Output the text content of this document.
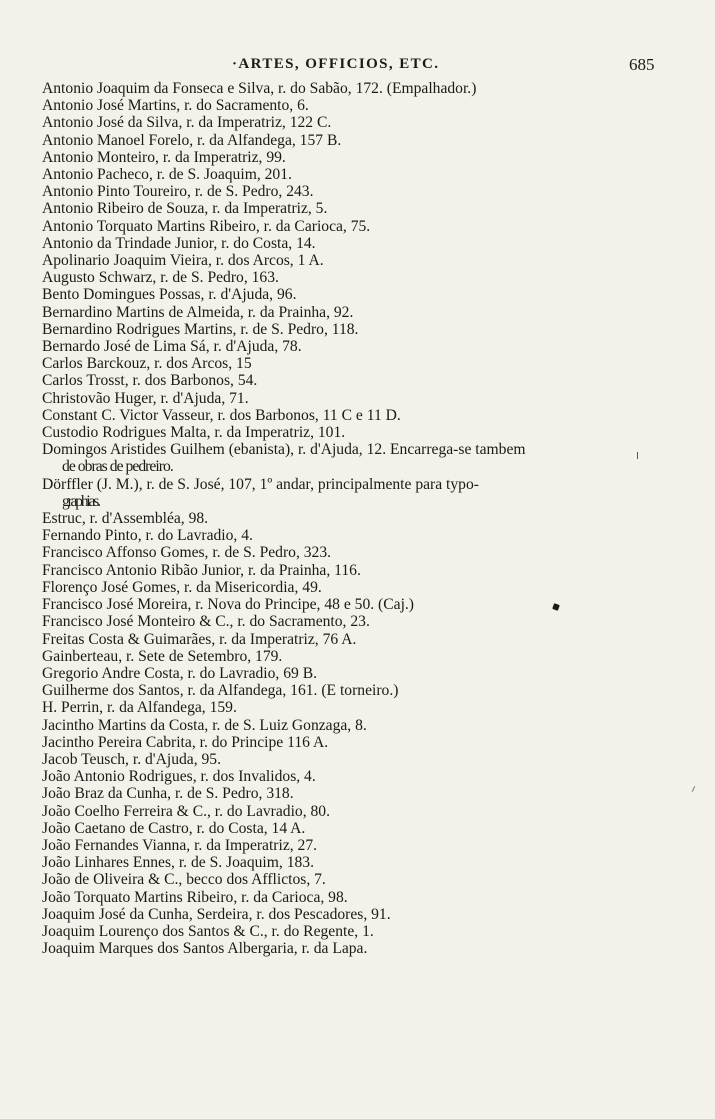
·ARTES, OFFICIOS, ETC.	685
Antonio Joaquim da Fonseca e Silva, r. do Sabão, 172. (Empalhador.)
Antonio José Martins, r. do Sacramento, 6.
Antonio José da Silva, r. da Imperatriz, 122 C.
Antonio Manoel Forelo, r. da Alfandega, 157 B.
Antonio Monteiro, r. da Imperatriz, 99.
Antonio Pacheco, r. de S. Joaquim, 201.
Antonio Pinto Toureiro, r. de S. Pedro, 243.
Antonio Ribeiro de Souza, r. da Imperatriz, 5.
Antonio Torquato Martins Ribeiro, r. da Carioca, 75.
Antonio da Trindade Junior, r. do Costa, 14.
Apolinario Joaquim Vieira, r. dos Arcos, 1 A.
Augusto Schwarz, r. de S. Pedro, 163.
Bento Domingues Possas, r. d'Ajuda, 96.
Bernardino Martins de Almeida, r. da Prainha, 92.
Bernardino Rodrigues Martins, r. de S. Pedro, 118.
Bernardo José de Lima Sá, r. d'Ajuda, 78.
Carlos Barckouz, r. dos Arcos, 15
Carlos Trosst, r. dos Barbonos, 54.
Christovão Huger, r. d'Ajuda, 71.
Constant C. Victor Vasseur, r. dos Barbonos, 11 C e 11 D.
Custodio Rodrigues Malta, r. da Imperatriz, 101.
Domingos Aristides Guilhem (ebanista), r. d'Ajuda, 12. Encarrega-se tambem
de obras de pedreiro.
Dörffler (J. M.), r. de S. José, 107, 1º andar, principalmente para typo-
graphias.
Estruc, r. d'Assembléa, 98.
Fernando Pinto, r. do Lavradio, 4.
Francisco Affonso Gomes, r. de S. Pedro, 323.
Francisco Antonio Ribão Junior, r. da Prainha, 116.
Florenço José Gomes, r. da Misericordia, 49.
Francisco José Moreira, r. Nova do Principe, 48 e 50. (Caj.)
Francisco José Monteiro & C., r. do Sacramento, 23.
Freitas Costa & Guimarães, r. da Imperatriz, 76 A.
Gainberteau, r. Sete de Setembro, 179.
Gregorio Andre Costa, r. do Lavradio, 69 B.
Guilherme dos Santos, r. da Alfandega, 161. (E torneiro.)
H. Perrin, r. da Alfandega, 159.
Jacintho Martins da Costa, r. de S. Luiz Gonzaga, 8.
Jacintho Pereira Cabrita, r. do Principe 116 A.
Jacob Teusch, r. d'Ajuda, 95.
João Antonio Rodrigues, r. dos Invalidos, 4.
João Braz da Cunha, r. de S. Pedro, 318.
João Coelho Ferreira & C., r. do Lavradio, 80.
João Caetano de Castro, r. do Costa, 14 A.
João Fernandes Vianna, r. da Imperatriz, 27.
João Linhares Ennes, r. de S. Joaquim, 183.
João de Oliveira & C., becco dos Afflictos, 7.
João Torquato Martins Ribeiro, r. da Carioca, 98.
Joaquim José da Cunha, Serdeira, r. dos Pescadores, 91.
Joaquim Lourenço dos Santos & C., r. do Regente, 1.
Joaquim Marques dos Santos Albergaria, r. da Lapa.
